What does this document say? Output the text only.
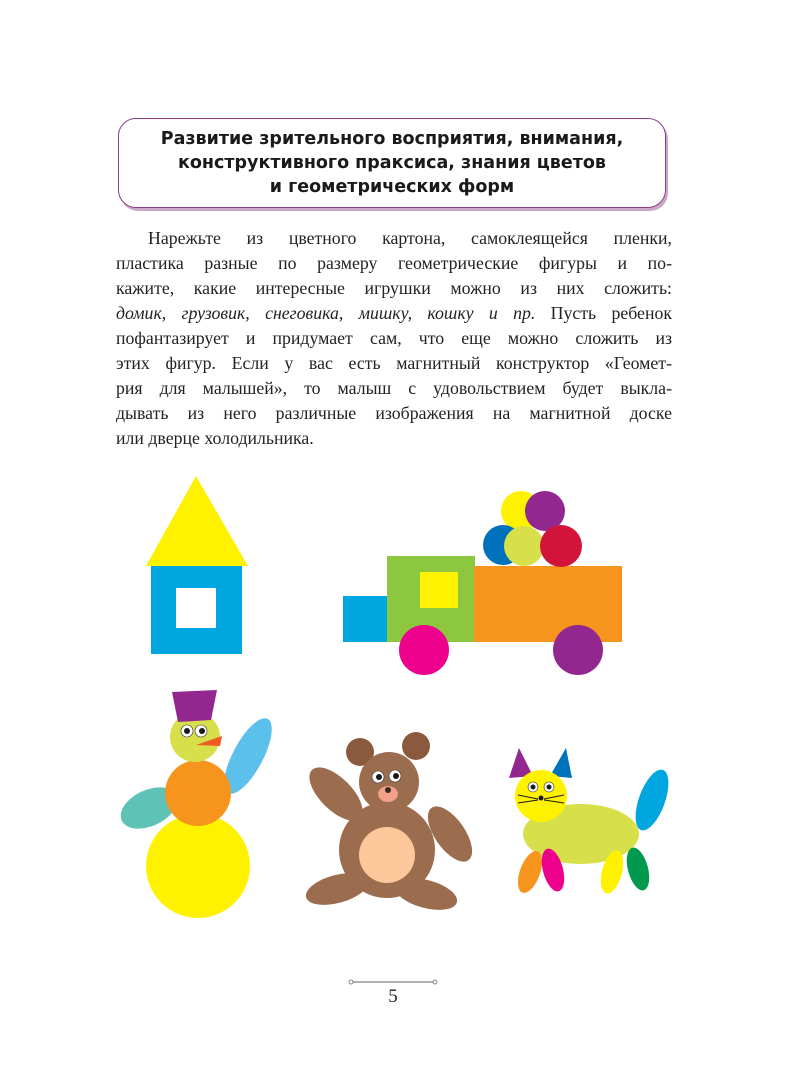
Развитие зрительного восприятия, внимания,
конструктивного праксиса, знания цветов
и геометрических форм
Нарежьте из цветного картона, самоклеящейся пленки,
пластика разные по размеру геометрические фигуры и по-
кажите, какие интересные игрушки можно из них сложить:
домик, грузовик, снеговика, мишку, кошку и пр. Пусть ребенок
пофантазирует и придумает сам, что еще можно сложить из
этих фигур. Если у вас есть магнитный конструктор «Геомет-
рия для малышей», то малыш с удовольствием будет выкла-
дывать из него различные изображения на магнитной доске
или дверце холодильника.
5
